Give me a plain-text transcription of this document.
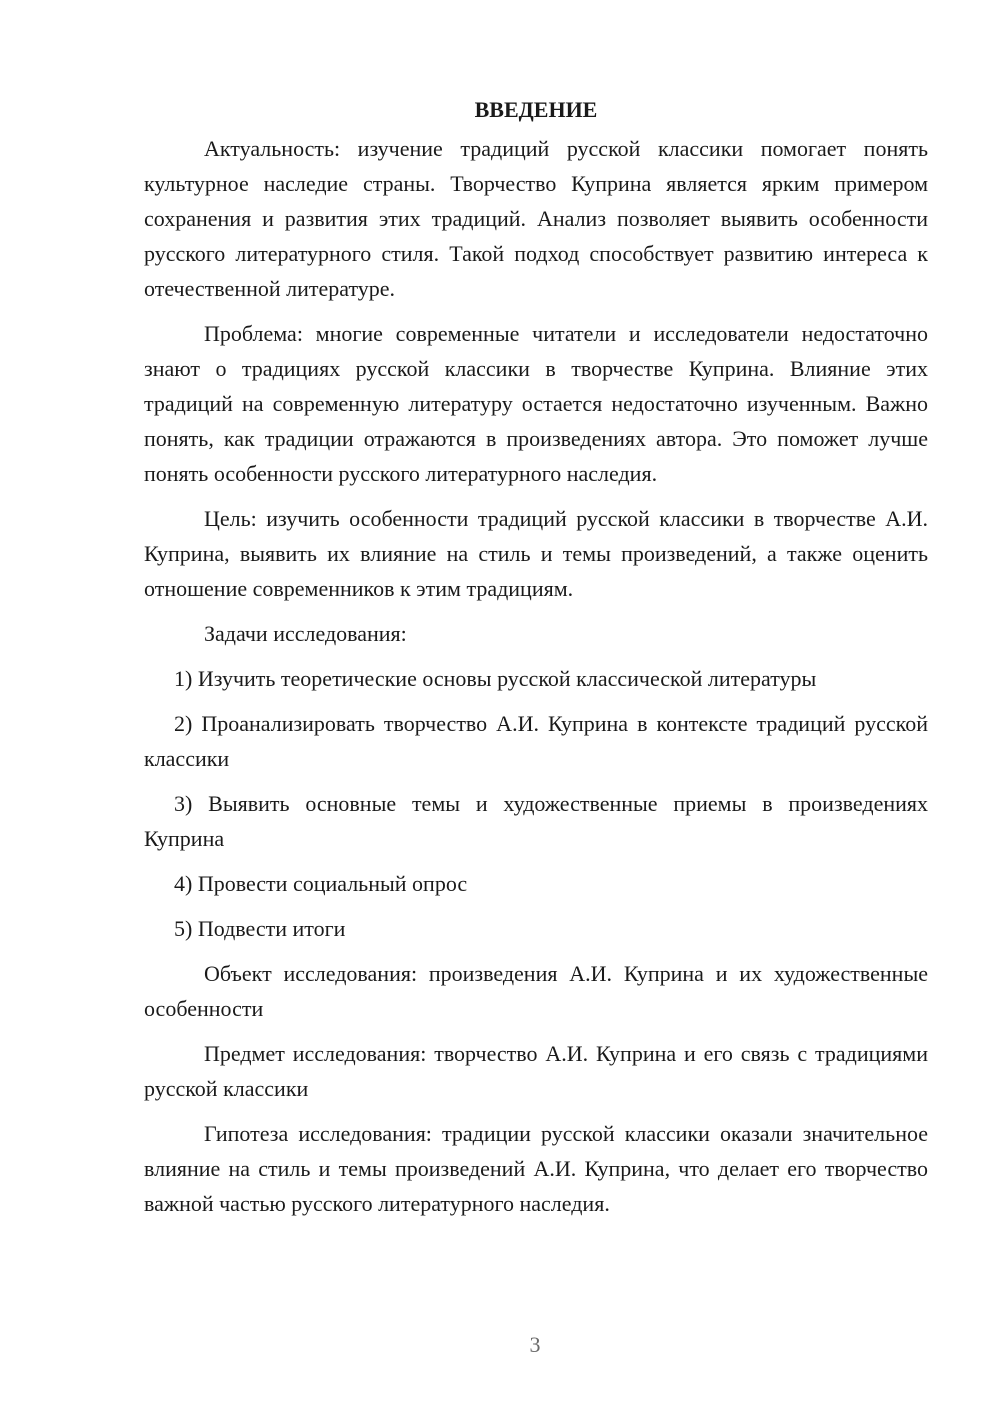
ВВЕДЕНИЕ

Актуальность: изучение традиций русской классики помогает понять культурное наследие страны. Творчество Куприна является ярким примером сохранения и развития этих традиций. Анализ позволяет выявить особенности русского литературного стиля. Такой подход способствует развитию интереса к отечественной литературе.

Проблема: многие современные читатели и исследователи недостаточно знают о традициях русской классики в творчестве Куприна. Влияние этих традиций на современную литературу остается недостаточно изученным. Важно понять, как традиции отражаются в произведениях автора. Это поможет лучше понять особенности русского литературного наследия.

Цель: изучить особенности традиций русской классики в творчестве А.И. Куприна, выявить их влияние на стиль и темы произведений, а также оценить отношение современников к этим традициям.

Задачи исследования:

1) Изучить теоретические основы русской классической литературы

2) Проанализировать творчество А.И. Куприна в контексте традиций русской классики

3) Выявить основные темы и художественные приемы в произведениях Куприна

4) Провести социальный опрос

5) Подвести итоги

Объект исследования: произведения А.И. Куприна и их художественные особенности

Предмет исследования: творчество А.И. Куприна и его связь с традициями русской классики

Гипотеза исследования: традиции русской классики оказали значительное влияние на стиль и темы произведений А.И. Куприна, что делает его творчество важной частью русского литературного наследия.

3
